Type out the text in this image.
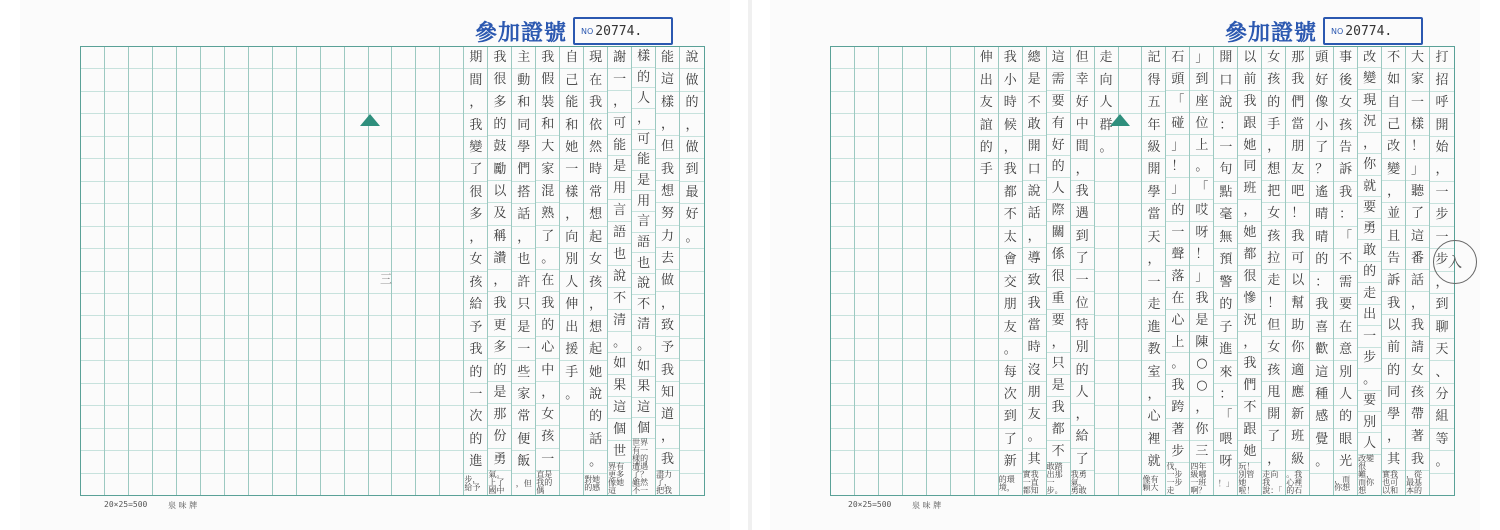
參加證號 NO 20774.
期
間
，
我
變
了
很
多
，
女
孩
給
予
我
的
一
次
的
進
步，給予
我
很
多
的
鼓
勵
以
及
稱
讚
，
我
更
多
的
是
那
份
勇
氣。上了國中
主
動
和
同
學
們
搭
話
，
也
許
只
是
一
些
家
常
便
飯
，但
我
假
裝
和
大
家
混
熟
了
。
在
我
的
心
中
，
女
孩
一
直是我的偶
自
己
能
和
她
一
樣
，
向
別
人
伸
出
援
手
。
現
在
我
依
然
時
常
想
起
女
孩
，
想
起
她
說
的
話
。
對她的感
謝
一
，
可
能
是
用
言
語
也
說
不
清
。
如
果
這
個
世
界有更多像她這
樣
的
人
，
可
能
是
用
言
語
也
說
不
清
。
如
果
這
個
世界有一樣的遭遇了？雖然不一
能
這
樣
，
但
我
想
努
力
去
做
，
致
予
我
知
道
，
我
盡力了，把我
說
做
的
，
做
到
最
好
。
三
20×25=500	泉 味 牌
參加證號 NO 20774.
伸
出
友
誼
的
手
我
小
時
候
，
我
都
不
太
會
交
朋
友
。
每
次
到
了
新
的環境，
總
是
不
敢
開
口
說
話
，
導
致
我
當
時
沒
朋
友
。
其
實我一直都知
這
需
要
有
好
的
人
際
關
係
很
重
要
，
只
是
我
都
不
敢踏出那一步。
但
幸
好
中
間
，
我
遇
到
了
一
位
特
別
的
人
，
給
了
我勇氣，勇敢
走
向
人
群
。
記
得
五
年
級
開
學
當
天
，
一
走
進
教
室
，
心
裡
就
像有顆大
石
頭
「
碰
」
！
」
的
一
聲
落
在
心
上
。
我
跨
著
步
伐，一步一步走
」
到
座
位
上
。
「
哎
呀
！
」
我
是
陳
○
○
，
你
三
四年級哪一班啊？
開
口
說
：
一
句
點
毫
無
預
警
的
子
進
來
：
「
喂
呀
！」
以
前
我
跟
她
同
班
，
她
都
很
慘
況
，
我
們
不
跟
她
玩！別管她啦！
女
孩
的
手
，
想
把
女
孩
拉
走
！
但
女
孩
甩
開
了
，
走向我說：「
那
我
們
當
朋
友
吧
！
我
可
以
幫
助
你
適
應
新
班
級
。我心裡的石
頭
好
像
小
了
？
遙
晴
晴
的
：
我
喜
歡
這
種
感
覺
。
事
後
女
孩
告
訴
我
：
「
不
需
要
在
意
別
人
的
眼
光
，而你想
改
變
現
況
，
你
就
要
勇
敢
的
走
出
一
步
。
要
別
人
改變很難，而你想
不
如
自
己
改
變
，
並
且
告
訴
我
以
前
的
同
學
，
其
實我也可以和
大
家
一
樣
！
」
聽
了
這
番
話
，
我
請
女
孩
帶
著
我
，從最基本的
打
招
呼
開
始
，
一
步
一
步
，
到
聊
天
、
分
組
等
。
入
20×25=500	泉 味 牌
